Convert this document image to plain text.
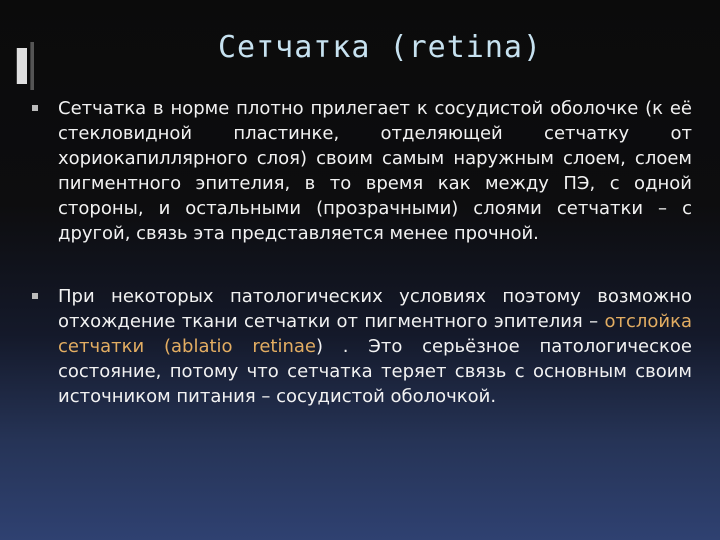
Сетчатка (retina)
Сетчатка в норме плотно прилегает к сосудистой оболочке (к её стекловидной пластинке, отделяющей сетчатку от хориокапиллярного слоя) своим самым наружным слоем, слоем пигментного эпителия, в то время как между ПЭ, с одной стороны, и остальными (прозрачными) слоями сетчатки – с другой, связь эта представляется менее прочной.
При некоторых патологических условиях поэтому возможно отхождение ткани сетчатки от пигментного эпителия – отслойка сетчатки (ablatio retinae) . Это серьёзное патологическое состояние, потому что сетчатка теряет связь с основным своим источником питания – сосудистой оболочкой.
